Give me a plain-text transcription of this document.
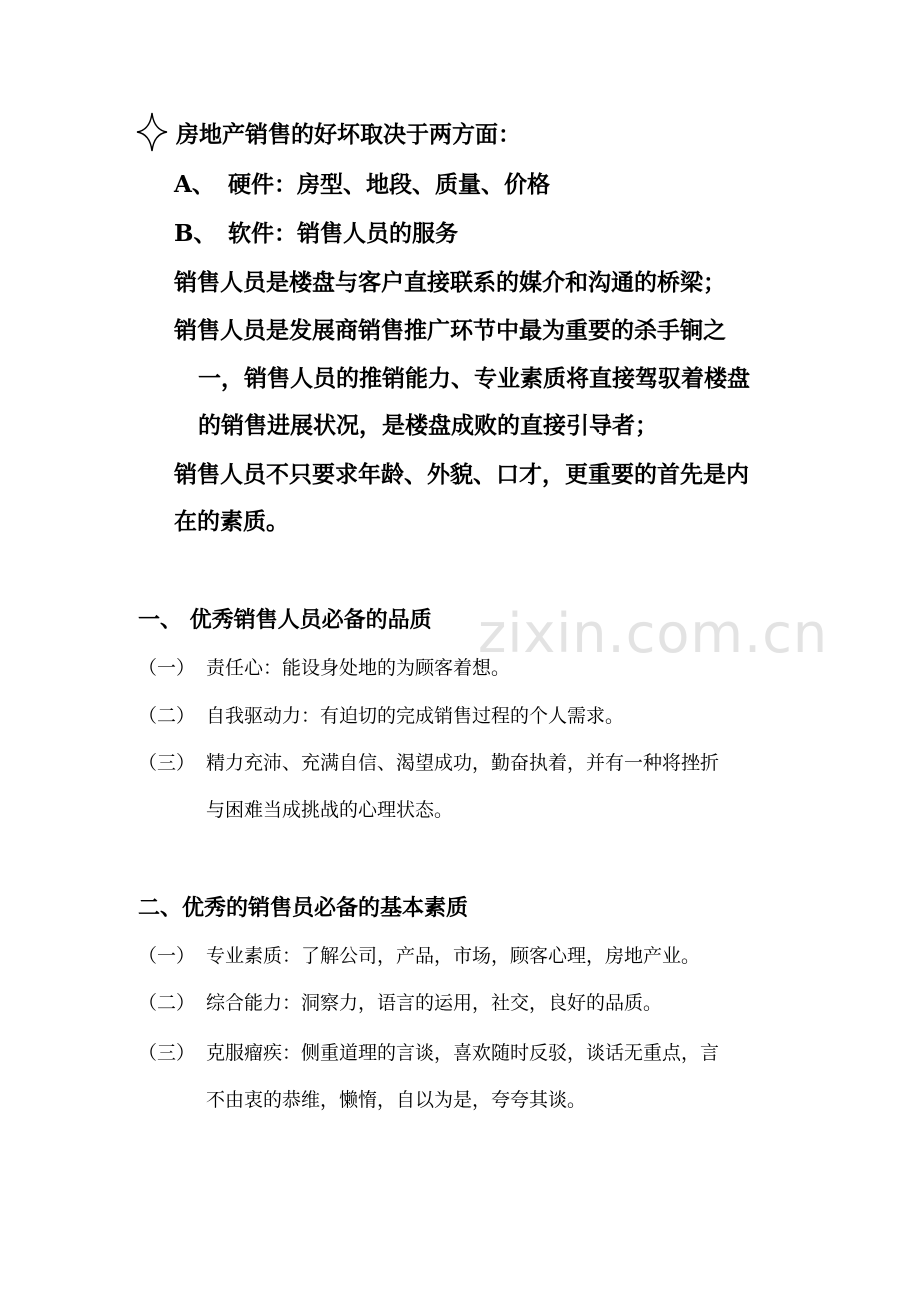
zixin.com.cn
房地产销售的好坏取决于两方面：
A、 硬件：房型、地段、质量、价格
B、 软件：销售人员的服务
销售人员是楼盘与客户直接联系的媒介和沟通的桥梁；
销售人员是发展商销售推广环节中最为重要的杀手锏之
一，销售人员的推销能力、专业素质将直接驾驭着楼盘
的销售进展状况，是楼盘成败的直接引导者；
销售人员不只要求年龄、外貌、口才，更重要的首先是内
在的素质。
一、 优秀销售人员必备的品质
（一） 责任心：能设身处地的为顾客着想。
（二） 自我驱动力：有迫切的完成销售过程的个人需求。
（三） 精力充沛、充满自信、渴望成功，勤奋执着，并有一种将挫折
与困难当成挑战的心理状态。
二、优秀的销售员必备的基本素质
（一） 专业素质：了解公司，产品，市场，顾客心理，房地产业。
（二） 综合能力：洞察力，语言的运用，社交，良好的品质。
（三） 克服瘤疾：侧重道理的言谈，喜欢随时反驳，谈话无重点，言
不由衷的恭维，懒惰，自以为是，夸夸其谈。
